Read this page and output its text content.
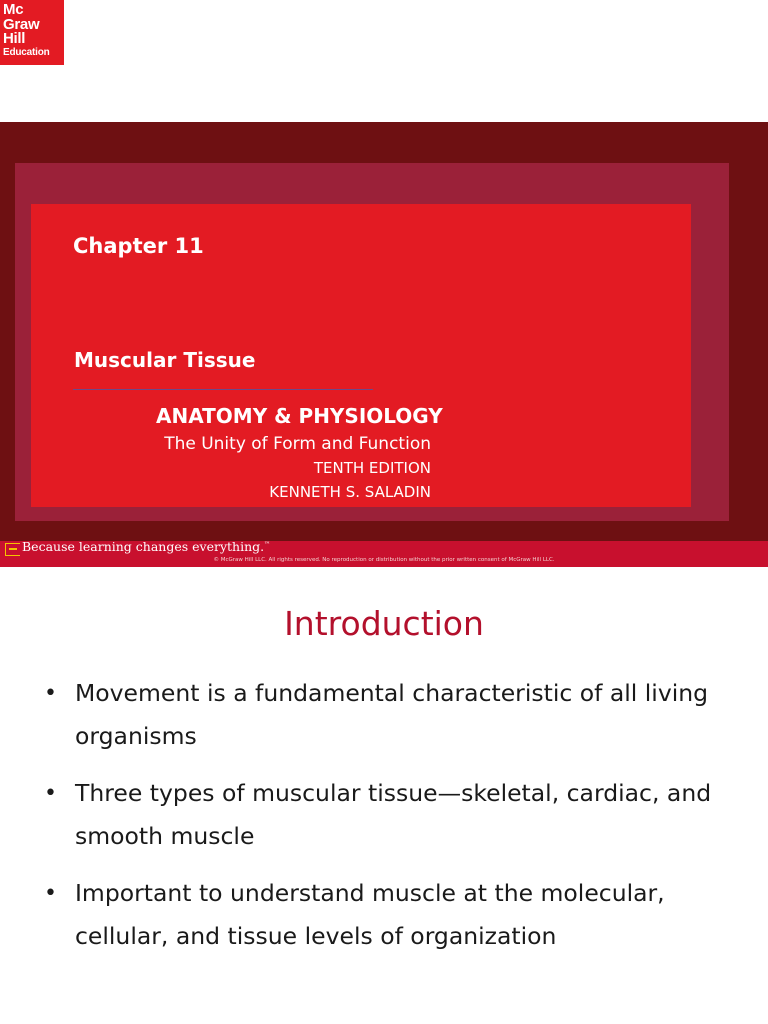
Mc
Graw
Hill
Education
Chapter 11
Muscular Tissue
ANATOMY & PHYSIOLOGY
The Unity of Form and Function
TENTH EDITION
KENNETH S. SALADIN
Because learning changes everything.™
© McGraw Hill LLC. All rights reserved. No reproduction or distribution without the prior written consent of McGraw Hill LLC.
Introduction
• Movement is a fundamental characteristic of all living organisms
• Three types of muscular tissue—skeletal, cardiac, and smooth muscle
• Important to understand muscle at the molecular, cellular, and tissue levels of organization
